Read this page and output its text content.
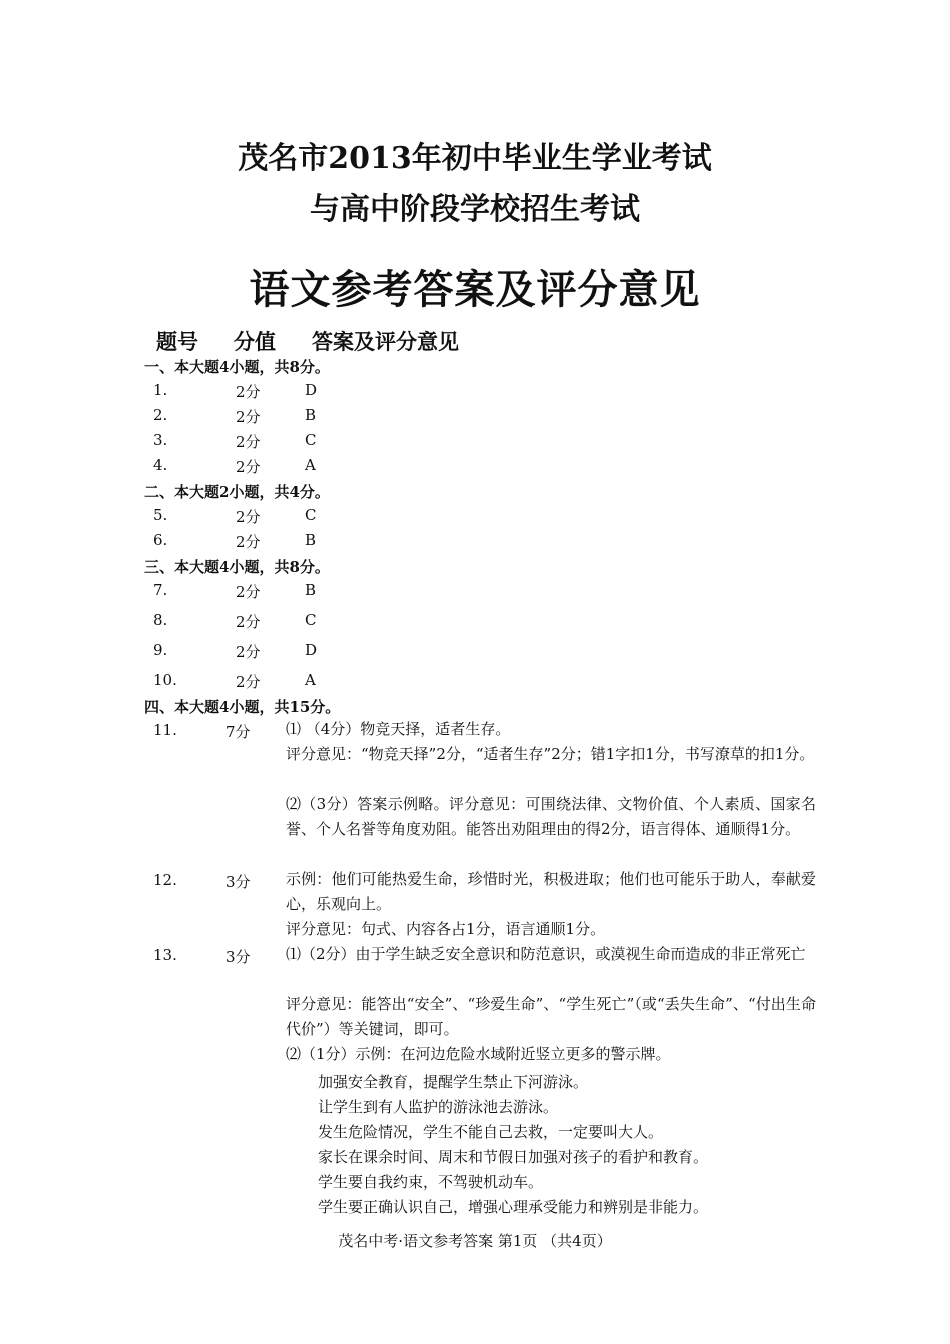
茂名市2013年初中毕业生学业考试
与高中阶段学校招生考试
语文参考答案及评分意见
题号 分值 答案及评分意见
一、本大题4小题，共8分。
1.	2分	D
2.	2分	B
3.	2分	C
4.	2分	A
二、本大题2小题，共4分。
5.	2分	C
6.	2分	B
三、本大题4小题，共8分。
7.	2分	B
8.	2分	C
9.	2分	D
10.	2分	A
四、本大题4小题，共15分。
11.	7分 ⑴ （4分）物竞天择，适者生存。
评分意见：“物竞天择”2分，“适者生存”2分；错1字扣1分，书写潦草的扣1分。
⑵（3分）答案示例略。评分意见：可围绕法律、文物价值、个人素质、国家名誉、个人名誉等角度劝阻。能答出劝阻理由的得2分，语言得体、通顺得1分。
12.	3分 示例：他们可能热爱生命，珍惜时光，积极进取；他们也可能乐于助人，奉献爱心，乐观向上。
评分意见：句式、内容各占1分，语言通顺1分。
13.	3分 ⑴（2分）由于学生缺乏安全意识和防范意识，或漠视生命而造成的非正常死亡
评分意见：能答出“安全”、“珍爱生命”、“学生死亡”（或“丢失生命”、“付出生命代价”）等关键词，即可。
⑵（1分）示例：在河边危险水域附近竖立更多的警示牌。
加强安全教育，提醒学生禁止下河游泳。
让学生到有人监护的游泳池去游泳。
发生危险情况，学生不能自己去救，一定要叫大人。
家长在课余时间、周末和节假日加强对孩子的看护和教育。
学生要自我约束，不驾驶机动车。
学生要正确认识自己，增强心理承受能力和辨别是非能力。
茂名中考·语文参考答案 第1页 （共4页）
